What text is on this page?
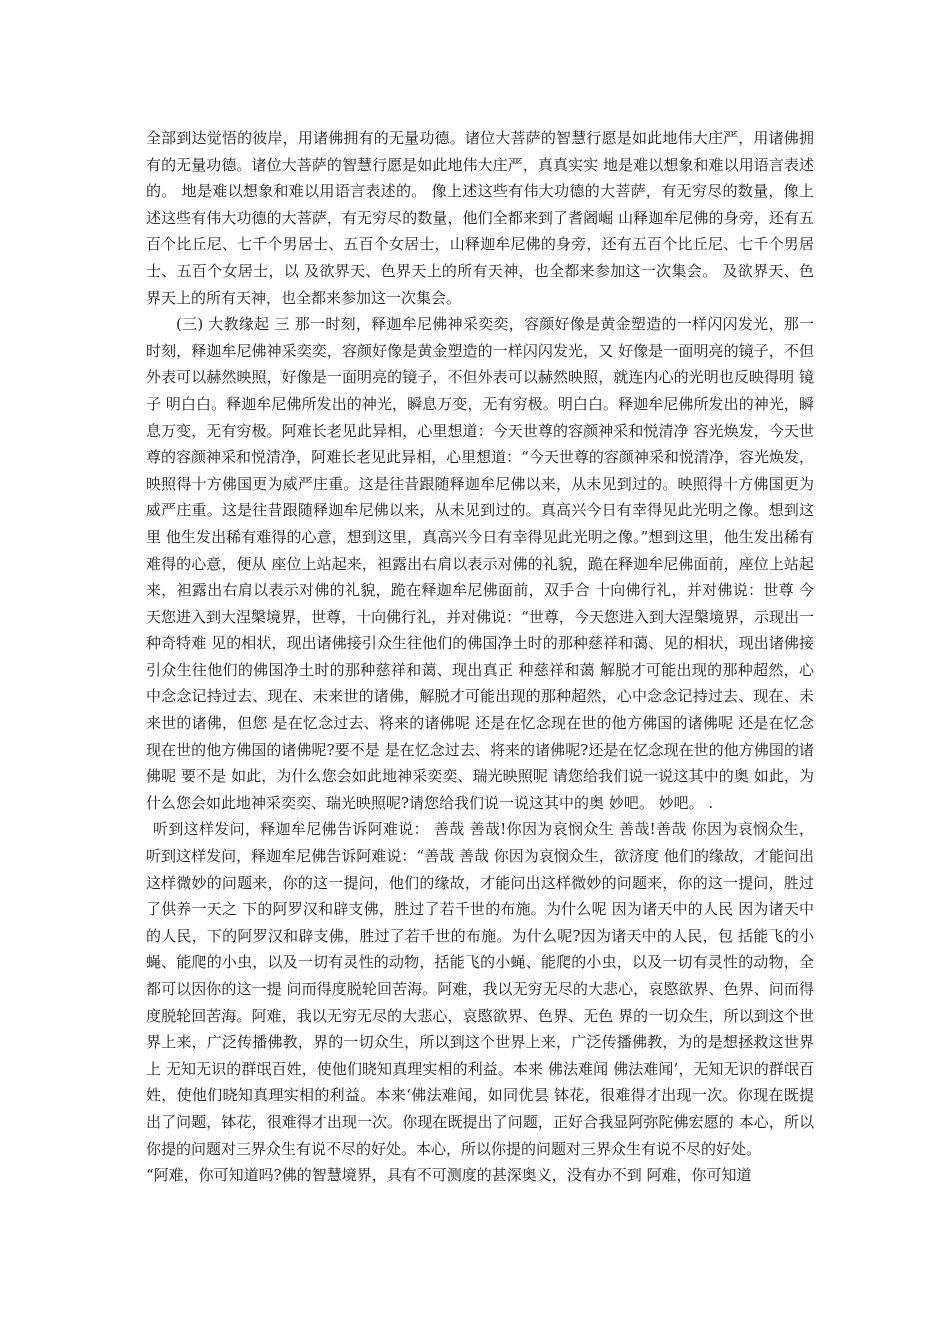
全部到达觉悟的彼岸，用诸佛拥有的无量功德。诸位大菩萨的智慧行愿是如此地伟大庄严，用诸佛拥有的无量功德。诸位大菩萨的智慧行愿是如此地伟大庄严，真真实实 地是难以想象和难以用语言表述的。 地是难以想象和难以用语言表述的。 像上述这些有伟大功德的大菩萨，有无穷尽的数量，像上述这些有伟大功德的大菩萨，有无穷尽的数量，他们全都来到了耆阇崛 山释迦牟尼佛的身旁，还有五百个比丘尼、七千个男居士、五百个女居士，山释迦牟尼佛的身旁，还有五百个比丘尼、七千个男居士、五百个女居士，以 及欲界天、色界天上的所有天神，也全都来参加这一次集会。 及欲界天、色界天上的所有天神，也全都来参加这一次集会。

(三) 大教缘起 三 那一时刻，释迦牟尼佛神采奕奕，容颜好像是黄金塑造的一样闪闪发光，那一时刻，释迦牟尼佛神采奕奕，容颜好像是黄金塑造的一样闪闪发光，又 好像是一面明亮的镜子，不但外表可以赫然映照，好像是一面明亮的镜子，不但外表可以赫然映照，就连内心的光明也反映得明 镜子 明白白。释迦牟尼佛所发出的神光，瞬息万变，无有穷极。明白白。释迦牟尼佛所发出的神光，瞬息万变，无有穷极。阿难长老见此异相，心里想道：今天世尊的容颜神采和悦清净 容光焕发，今天世尊的容颜神采和悦清净，阿难长老见此异相，心里想道：“今天世尊的容颜神采和悦清净，容光焕发，映照得十方佛国更为威严庄重。这是往昔跟随释迦牟尼佛以来，从未见到过的。映照得十方佛国更为威严庄重。这是往昔跟随释迦牟尼佛以来，从未见到过的。真高兴今日有幸得见此光明之像。想到这里 他生发出稀有难得的心意，想到这里，真高兴今日有幸得见此光明之像。”想到这里，他生发出稀有难得的心意，便从 座位上站起来，袒露出右肩以表示对佛的礼貌，跪在释迦牟尼佛面前，座位上站起来，袒露出右肩以表示对佛的礼貌，跪在释迦牟尼佛面前，双手合 十向佛行礼，并对佛说：世尊 今天您进入到大涅槃境界，世尊，十向佛行礼，并对佛说：“世尊，今天您进入到大涅槃境界，示现出一种奇特难 见的相状，现出诸佛接引众生往他们的佛国净土时的那种慈祥和蔼、见的相状，现出诸佛接引众生往他们的佛国净土时的那种慈祥和蔼、现出真正 种慈祥和蔼 解脱才可能出现的那种超然，心中念念记持过去、现在、未来世的诸佛，解脱才可能出现的那种超然，心中念念记持过去、现在、未来世的诸佛，但您 是在忆念过去、将来的诸佛呢 还是在忆念现在世的他方佛国的诸佛呢 还是在忆念现在世的他方佛国的诸佛呢?要不是 是在忆念过去、将来的诸佛呢?还是在忆念现在世的他方佛国的诸佛呢 要不是 如此，为什么您会如此地神采奕奕、瑞光映照呢 请您给我们说一说这其中的奥 如此，为什么您会如此地神采奕奕、瑞光映照呢?请您给我们说一说这其中的奥 妙吧。 妙吧。 .

听到这样发问，释迦牟尼佛告诉阿难说： 善哉 善哉!你因为哀悯众生 善哉!善哉 你因为哀悯众生，听到这样发问，释迦牟尼佛告诉阿难说：“善哉 善哉 你因为哀悯众生，欲济度 他们的缘故，才能问出这样微妙的问题来，你的这一提问，他们的缘故，才能问出这样微妙的问题来，你的这一提问，胜过了供养一天之 下的阿罗汉和辟支佛，胜过了若千世的布施。为什么呢 因为诸天中的人民 因为诸天中的人民，下的阿罗汉和辟支佛，胜过了若千世的布施。为什么呢?因为诸天中的人民，包 括能飞的小蝇、能爬的小虫，以及一切有灵性的动物，括能飞的小蝇、能爬的小虫，以及一切有灵性的动物，全都可以因你的这一提 问而得度脱轮回苦海。阿难，我以无穷无尽的大悲心，哀愍欲界、色界、问而得度脱轮回苦海。阿难，我以无穷无尽的大悲心，哀愍欲界、色界、无色 界的一切众生，所以到这个世界上来，广泛传播佛教，界的一切众生，所以到这个世界上来，广泛传播佛教，为的是想拯救这世界上 无知无识的群氓百姓，使他们晓知真理实相的利益。本来 佛法难闻 佛法难闻’，无知无识的群氓百姓，使他们晓知真理实相的利益。本来‘佛法难闻，如同优昙 钵花，很难得才出现一次。你现在既提出了问题，钵花，很难得才出现一次。你现在既提出了问题，正好合我显阿弥陀佛宏愿的 本心，所以你提的问题对三界众生有说不尽的好处。本心，所以你提的问题对三界众生有说不尽的好处。

“阿难，你可知道吗?佛的智慧境界，具有不可测度的甚深奥义，没有办不到 阿难，你可知道
